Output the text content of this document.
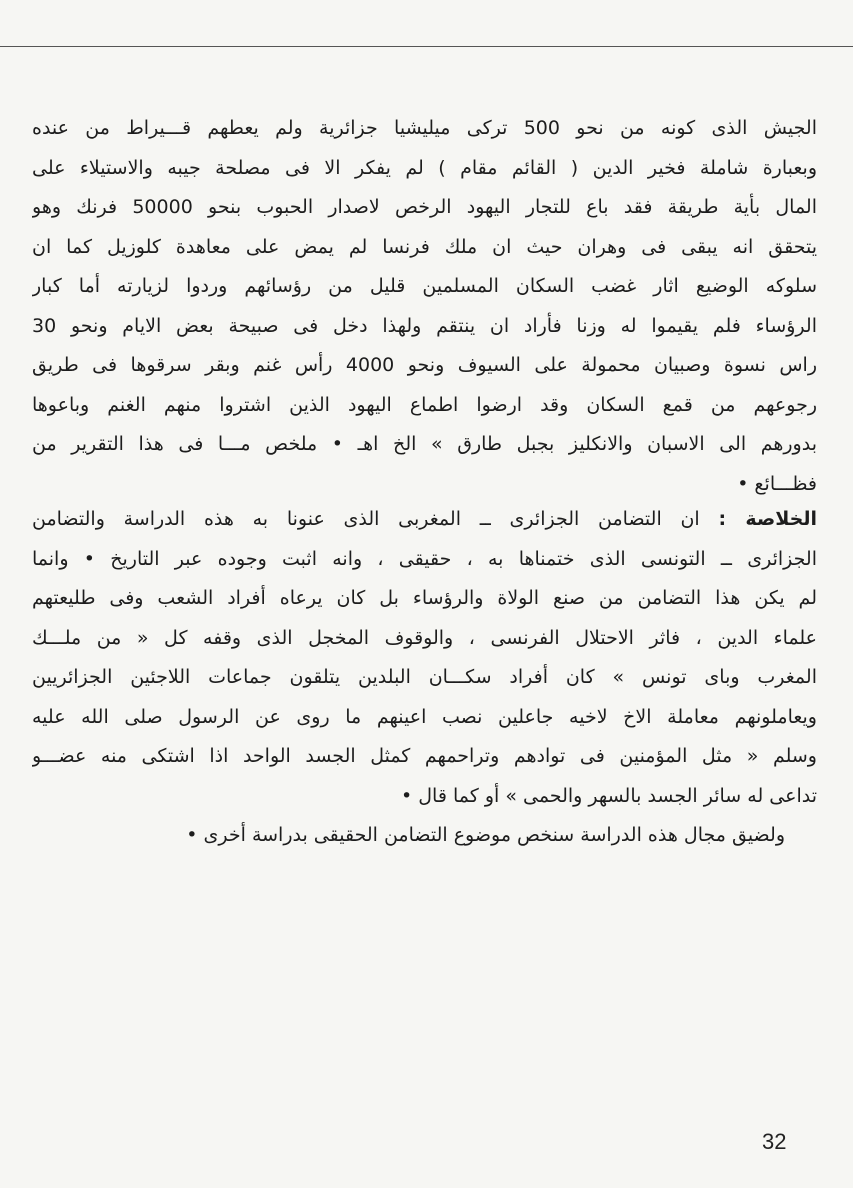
الجيش الذى كونه من نحو 500 تركى ميليشيا جزائرية ولم يعطهم قـــيراط من عنده
وبعبارة شاملة فخير الدين ( القائم مقام ) لم يفكر الا فى مصلحة جيبه والاستيلاء على
المال بأية طريقة فقد باع للتجار اليهود الرخص لاصدار الحبوب بنحو 50000 فرنك وهو
يتحقق انه يبقى فى وهران حيث ان ملك فرنسا لم يمض على معاهدة كلوزيل كما ان
سلوكه الوضيع اثار غضب السكان المسلمين قليل من رؤسائهم وردوا لزيارته أما كبار
الرؤساء فلم يقيموا له وزنا فأراد ان ينتقم ولهذا دخل فى صبيحة بعض الايام ونحو 30
راس نسوة وصبيان محمولة على السيوف ونحو 4000 رأس غنم وبقر سرقوها فى طريق
رجوعهم من قمع السكان وقد ارضوا اطماع اليهود الذين اشتروا منهم الغنم وباعوها
بدورهم الى الاسبان والانكليز بجبل طارق » الخ اهـ • ملخص مـــا فى هذا التقرير من
فظـــائع •
الخلاصة : ان التضامن الجزائرى ــ المغربى الذى عنونا به هذه الدراسة والتضامن
الجزائرى ــ التونسى الذى ختمناها به ، حقيقى ، وانه اثبت وجوده عبر التاريخ • وانما
لم يكن هذا التضامن من صنع الولاة والرؤساء بل كان يرعاه أفراد الشعب وفى طليعتهم
علماء الدين ، فاثر الاحتلال الفرنسى ، والوقوف المخجل الذى وقفه كل « من ملـــك
المغرب وباى تونس » كان أفراد سكـــان البلدين يتلقون جماعات اللاجئين الجزائريين
ويعاملونهم معاملة الاخ لاخيه جاعلين نصب اعينهم ما روى عن الرسول صلى الله عليه
وسلم « مثل المؤمنين فى توادهم وتراحمهم كمثل الجسد الواحد اذا اشتكى منه عضـــو
تداعى له سائر الجسد بالسهر والحمى » أو كما قال •
ولضيق مجال هذه الدراسة سنخص موضوع التضامن الحقيقى بدراسة أخرى •
32
